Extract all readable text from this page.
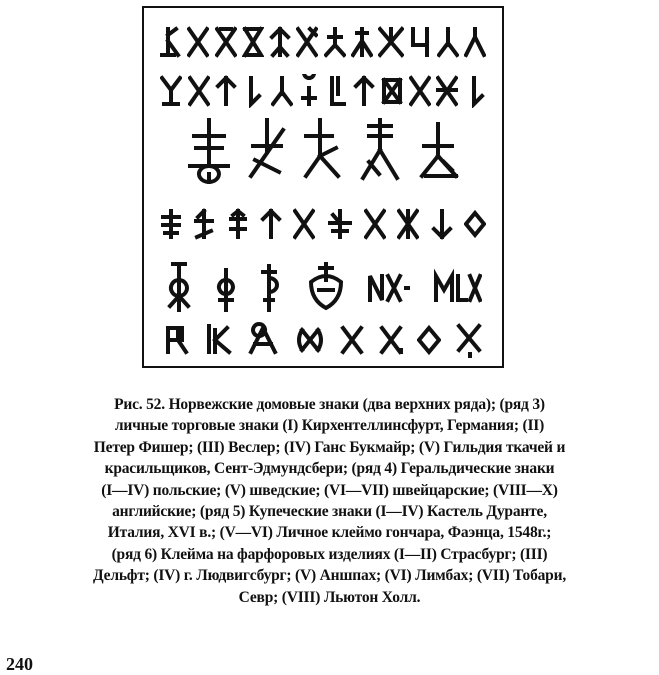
Рис. 52. Норвежские домовые знаки (два верхних ряда); (ряд 3)
личные торговые знаки (I) Кирхентеллинсфурт, Германия; (II)
Петер Фишер; (III) Веслер; (IV) Ганс Букмайр; (V) Гильдия ткачей и
красильщиков, Сент-Эдмундсбери; (ряд 4) Геральдические знаки
(I—IV) польские; (V) шведские; (VI—VII) швейцарские; (VIII—X)
английские; (ряд 5) Купеческие знаки (I—IV) Кастель Дуранте,
Италия, XVI в.; (V—VI) Личное клеймо гончара, Фаэнца, 1548г.;
(ряд 6) Клейма на фарфоровых изделиях (I—II) Страсбург; (III)
Дельфт; (IV) г. Людвигсбург; (V) Аншпах; (VI) Лимбах; (VII) Тобари,
Севр; (VIII) Льютон Холл.
240
